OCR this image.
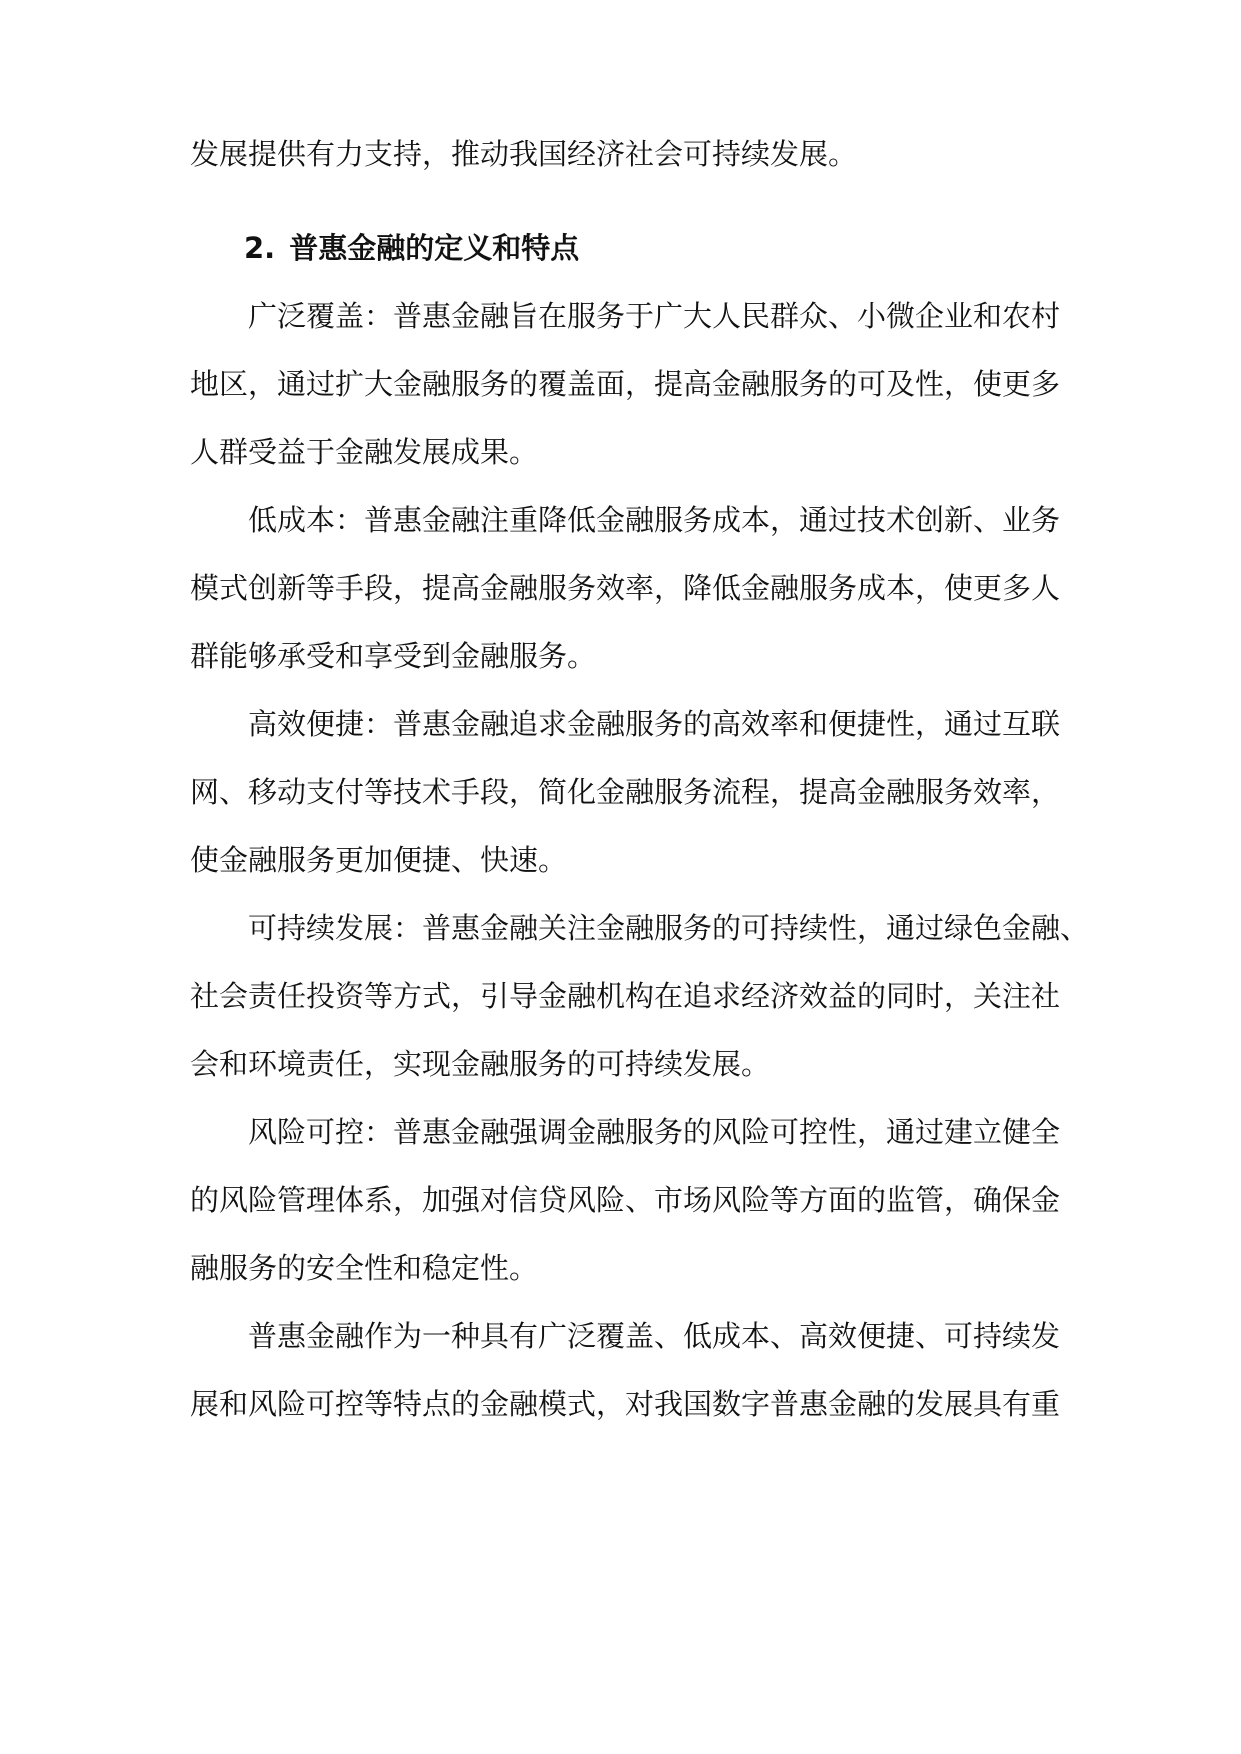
发展提供有力支持，推动我国经济社会可持续发展。
2. 普惠金融的定义和特点
广泛覆盖：普惠金融旨在服务于广大人民群众、小微企业和农村
地区，通过扩大金融服务的覆盖面，提高金融服务的可及性，使更多
人群受益于金融发展成果。
低成本：普惠金融注重降低金融服务成本，通过技术创新、业务
模式创新等手段，提高金融服务效率，降低金融服务成本，使更多人
群能够承受和享受到金融服务。
高效便捷：普惠金融追求金融服务的高效率和便捷性，通过互联
网、移动支付等技术手段，简化金融服务流程，提高金融服务效率，
使金融服务更加便捷、快速。
可持续发展：普惠金融关注金融服务的可持续性，通过绿色金融、
社会责任投资等方式，引导金融机构在追求经济效益的同时，关注社
会和环境责任，实现金融服务的可持续发展。
风险可控：普惠金融强调金融服务的风险可控性，通过建立健全
的风险管理体系，加强对信贷风险、市场风险等方面的监管，确保金
融服务的安全性和稳定性。
普惠金融作为一种具有广泛覆盖、低成本、高效便捷、可持续发
展和风险可控等特点的金融模式，对我国数字普惠金融的发展具有重
